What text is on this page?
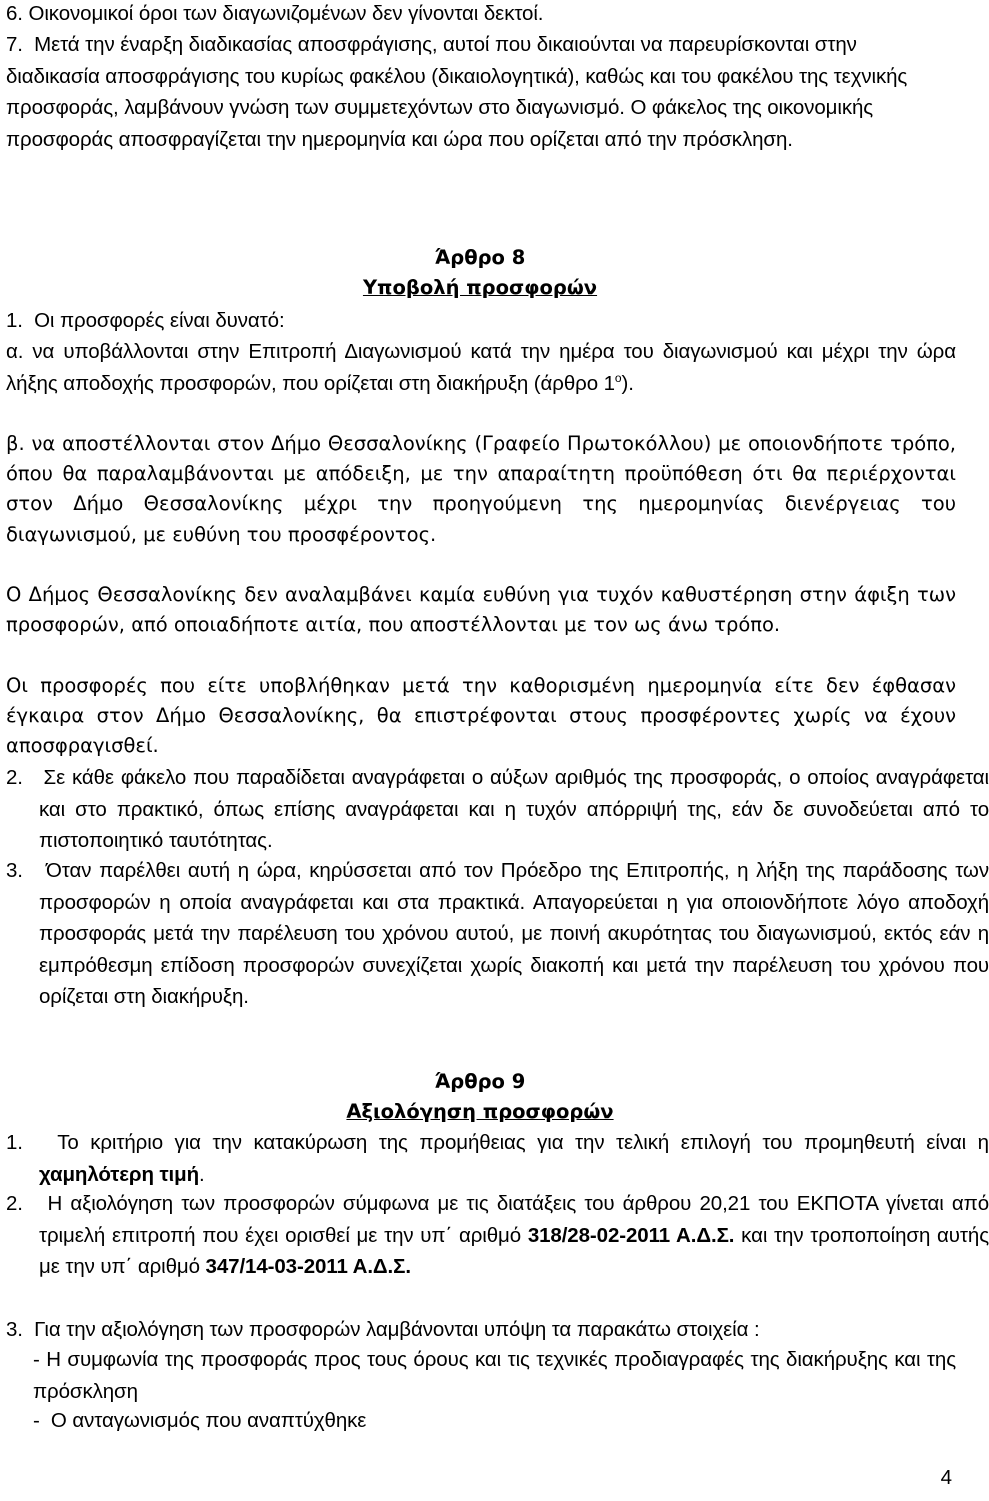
6. Οικονομικοί όροι των διαγωνιζομένων δεν γίνονται δεκτοί.
7.  Μετά την έναρξη διαδικασίας αποσφράγισης, αυτοί που δικαιούνται να παρευρίσκονται στην διαδικασία αποσφράγισης του κυρίως φακέλου (δικαιολογητικά), καθώς και του φακέλου της τεχνικής προσφοράς, λαμβάνουν γνώση των συμμετεχόντων στο διαγωνισμό. Ο φάκελος της οικονομικής προσφοράς αποσφραγίζεται την ημερομηνία και ώρα που ορίζεται από την πρόσκληση.
Άρθρο 8
Υποβολή προσφορών
1.  Οι προσφορές είναι δυνατό:
α. να υποβάλλονται στην Επιτροπή Διαγωνισμού κατά την ημέρα του διαγωνισμού και μέχρι την ώρα λήξης αποδοχής προσφορών, που ορίζεται στη διακήρυξη (άρθρο $1^o$).
β. να αποστέλλονται στον Δήμο Θεσσαλονίκης (Γραφείο Πρωτοκόλλου) με οποιονδήποτε τρόπο, όπου θα παραλαμβάνονται με απόδειξη, με την απαραίτητη προϋπόθεση ότι θα περιέρχονται στον Δήμο Θεσσαλονίκης μέχρι την προηγούμενη της ημερομηνίας διενέργειας του διαγωνισμού, με ευθύνη του προσφέροντος.
Ο Δήμος Θεσσαλονίκης δεν αναλαμβάνει καμία ευθύνη για τυχόν καθυστέρηση στην άφιξη των προσφορών, από οποιαδήποτε αιτία, που αποστέλλονται με τον ως άνω τρόπο.
Οι προσφορές που είτε υποβλήθηκαν μετά την καθορισμένη ημερομηνία είτε δεν έφθασαν έγκαιρα στον Δήμο Θεσσαλονίκης, θα επιστρέφονται στους προσφέροντες χωρίς να έχουν αποσφραγισθεί.
2.   Σε κάθε φάκελο που παραδίδεται αναγράφεται ο αύξων αριθμός της προσφοράς, ο οποίος αναγράφεται και στο πρακτικό, όπως επίσης αναγράφεται και η τυχόν απόρριψή της, εάν δε συνοδεύεται από το πιστοποιητικό ταυτότητας.
3.   Όταν παρέλθει αυτή η ώρα, κηρύσσεται από τον Πρόεδρο της Επιτροπής, η λήξη της παράδοσης των προσφορών η οποία αναγράφεται και στα πρακτικά. Απαγορεύεται η για οποιονδήποτε λόγο αποδοχή προσφοράς μετά την παρέλευση του χρόνου αυτού, με ποινή ακυρότητας του διαγωνισμού, εκτός εάν η εμπρόθεσμη επίδοση προσφορών συνεχίζεται χωρίς διακοπή και μετά την παρέλευση του χρόνου που ορίζεται στη διακήρυξη.
Άρθρο 9
Αξιολόγηση προσφορών
1.   Το κριτήριο για την κατακύρωση της προμήθειας για την τελική επιλογή του προμηθευτή είναι η χαμηλότερη τιμή.
2.   Η αξιολόγηση των προσφορών σύμφωνα με τις διατάξεις του άρθρου 20,21 του ΕΚΠΟΤΑ γίνεται από τριμελή επιτροπή που έχει ορισθεί με την υπ΄ αριθμό 318/28-02-2011 Α.Δ.Σ. και την τροποποίηση αυτής με την υπ΄ αριθμό 347/14-03-2011 Α.Δ.Σ.
3.  Για την αξιολόγηση των προσφορών λαμβάνονται υπόψη τα παρακάτω στοιχεία :
- Η συμφωνία της προσφοράς προς τους όρους και τις τεχνικές προδιαγραφές της διακήρυξης και της πρόσκληση
-  Ο ανταγωνισμός που αναπτύχθηκε
4
